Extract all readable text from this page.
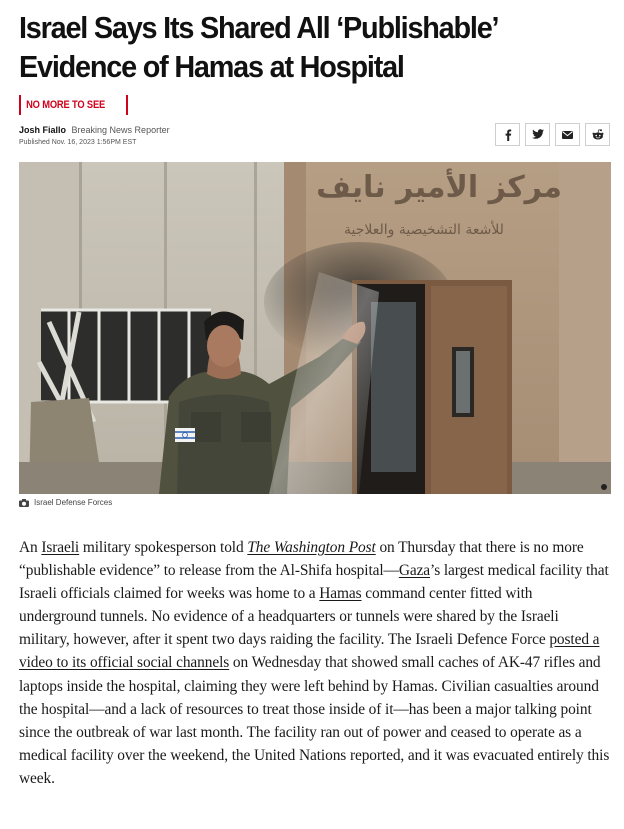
Israel Says Its Shared All ‘Publishable’ Evidence of Hamas at Hospital
NO MORE TO SEE
Josh Fiallo Breaking News Reporter
Published Nov. 16, 2023 1:56PM EST
مركز الأمير نايف
للأشعة التشخيصية والعلاجية
Israel Defense Forces

An Israeli military spokesperson told The Washington Post on Thursday that there is no more “publishable evidence” to release from the Al-Shifa hospital—Gaza’s largest medical facility that Israeli officials claimed for weeks was home to a Hamas command center fitted with underground tunnels. No evidence of a headquarters or tunnels were shared by the Israeli military, however, after it spent two days raiding the facility. The Israeli Defence Force posted a video to its official social channels on Wednesday that showed small caches of AK-47 rifles and laptops inside the hospital, claiming they were left behind by Hamas. Civilian casualties around the hospital—and a lack of resources to treat those inside of it—has been a major talking point since the outbreak of war last month. The facility ran out of power and ceased to operate as a medical facility over the weekend, the United Nations reported, and it was evacuated entirely this week.
